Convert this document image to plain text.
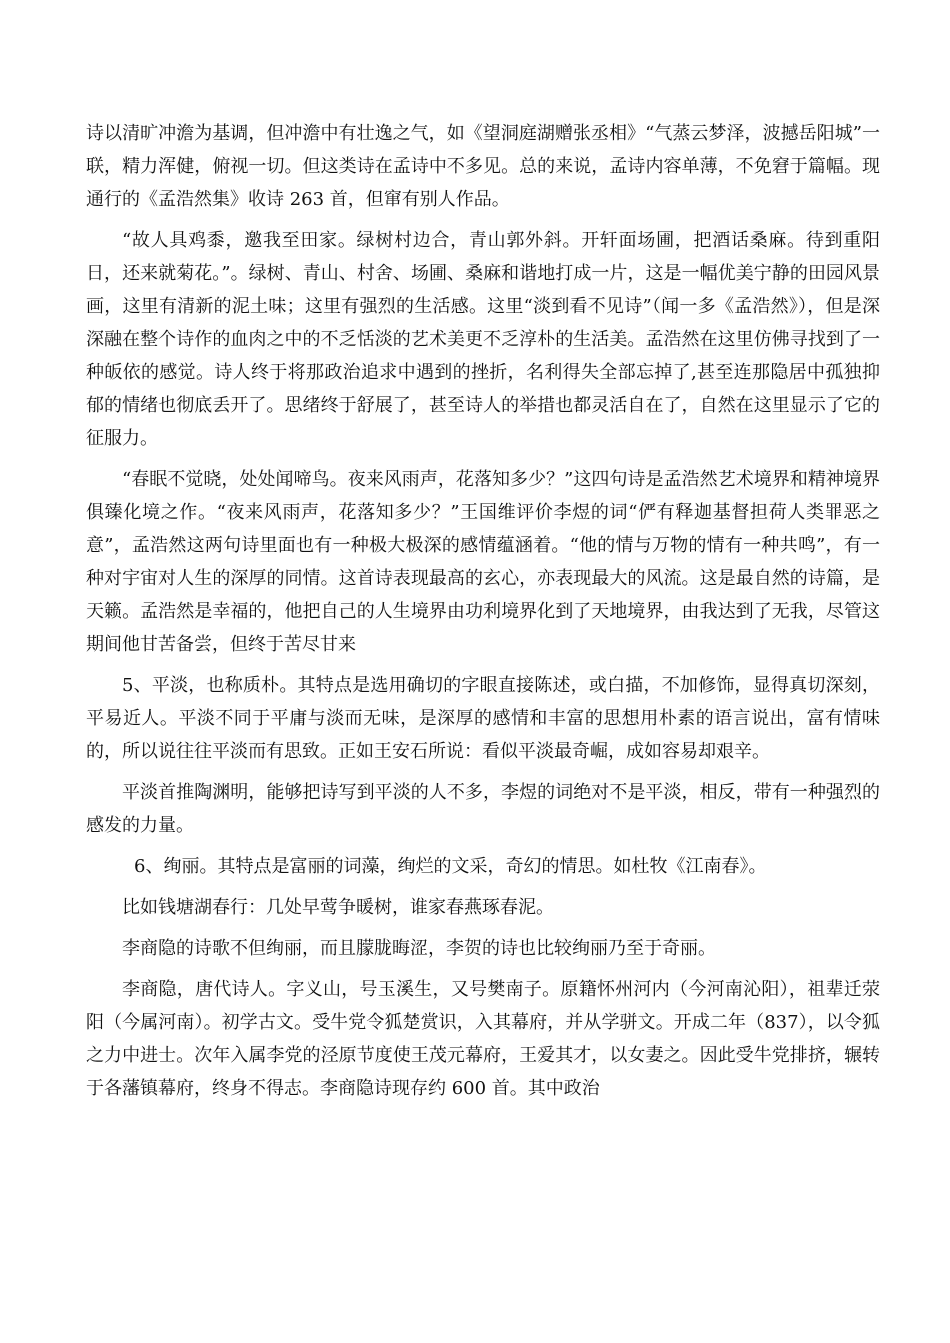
诗以清旷冲澹为基调，但冲澹中有壮逸之气，如《望洞庭湖赠张丞相》“气蒸云梦泽，波撼岳阳城”一联，精力浑健，俯视一切。但这类诗在孟诗中不多见。总的来说，孟诗内容单薄，不免窘于篇幅。现通行的《孟浩然集》收诗 263 首，但窜有别人作品。

“故人具鸡黍，邀我至田家。绿树村边合，青山郭外斜。开轩面场圃，把酒话桑麻。待到重阳日，还来就菊花。”。绿树、青山、村舍、场圃、桑麻和谐地打成一片，这是一幅优美宁静的田园风景画，这里有清新的泥土味；这里有强烈的生活感。这里“淡到看不见诗”（闻一多《孟浩然》），但是深深融在整个诗作的血肉之中的不乏恬淡的艺术美更不乏淳朴的生活美。孟浩然在这里仿佛寻找到了一种皈依的感觉。诗人终于将那政治追求中遇到的挫折，名利得失全部忘掉了,甚至连那隐居中孤独抑郁的情绪也彻底丢开了。思绪终于舒展了，甚至诗人的举措也都灵活自在了，自然在这里显示了它的征服力。

“春眠不觉晓，处处闻啼鸟。夜来风雨声，花落知多少？”这四句诗是孟浩然艺术境界和精神境界俱臻化境之作。“夜来风雨声，花落知多少？”王国维评价李煜的词“俨有释迦基督担荷人类罪恶之意”，孟浩然这两句诗里面也有一种极大极深的感情蕴涵着。“他的情与万物的情有一种共鸣”，有一种对宇宙对人生的深厚的同情。这首诗表现最高的玄心，亦表现最大的风流。这是最自然的诗篇，是天籁。孟浩然是幸福的，他把自己的人生境界由功利境界化到了天地境界，由我达到了无我，尽管这期间他甘苦备尝，但终于苦尽甘来

5、平淡，也称质朴。其特点是选用确切的字眼直接陈述，或白描，不加修饰，显得真切深刻，平易近人。平淡不同于平庸与淡而无味，是深厚的感情和丰富的思想用朴素的语言说出，富有情味的，所以说往往平淡而有思致。正如王安石所说：看似平淡最奇崛，成如容易却艰辛。

平淡首推陶渊明，能够把诗写到平淡的人不多，李煜的词绝对不是平淡，相反，带有一种强烈的感发的力量。

6、绚丽。其特点是富丽的词藻，绚烂的文采，奇幻的情思。如杜牧《江南春》。

比如钱塘湖春行：几处早莺争暖树，谁家春燕琢春泥。

李商隐的诗歌不但绚丽，而且朦胧晦涩，李贺的诗也比较绚丽乃至于奇丽。

李商隐，唐代诗人。字义山，号玉溪生，又号樊南子。原籍怀州河内（今河南沁阳），祖辈迁荥阳（今属河南）。初学古文。受牛党令狐楚赏识，入其幕府，并从学骈文。开成二年（837），以令狐之力中进士。次年入属李党的泾原节度使王茂元幕府，王爱其才，以女妻之。因此受牛党排挤，辗转于各藩镇幕府，终身不得志。李商隐诗现存约 600 首。其中政治
